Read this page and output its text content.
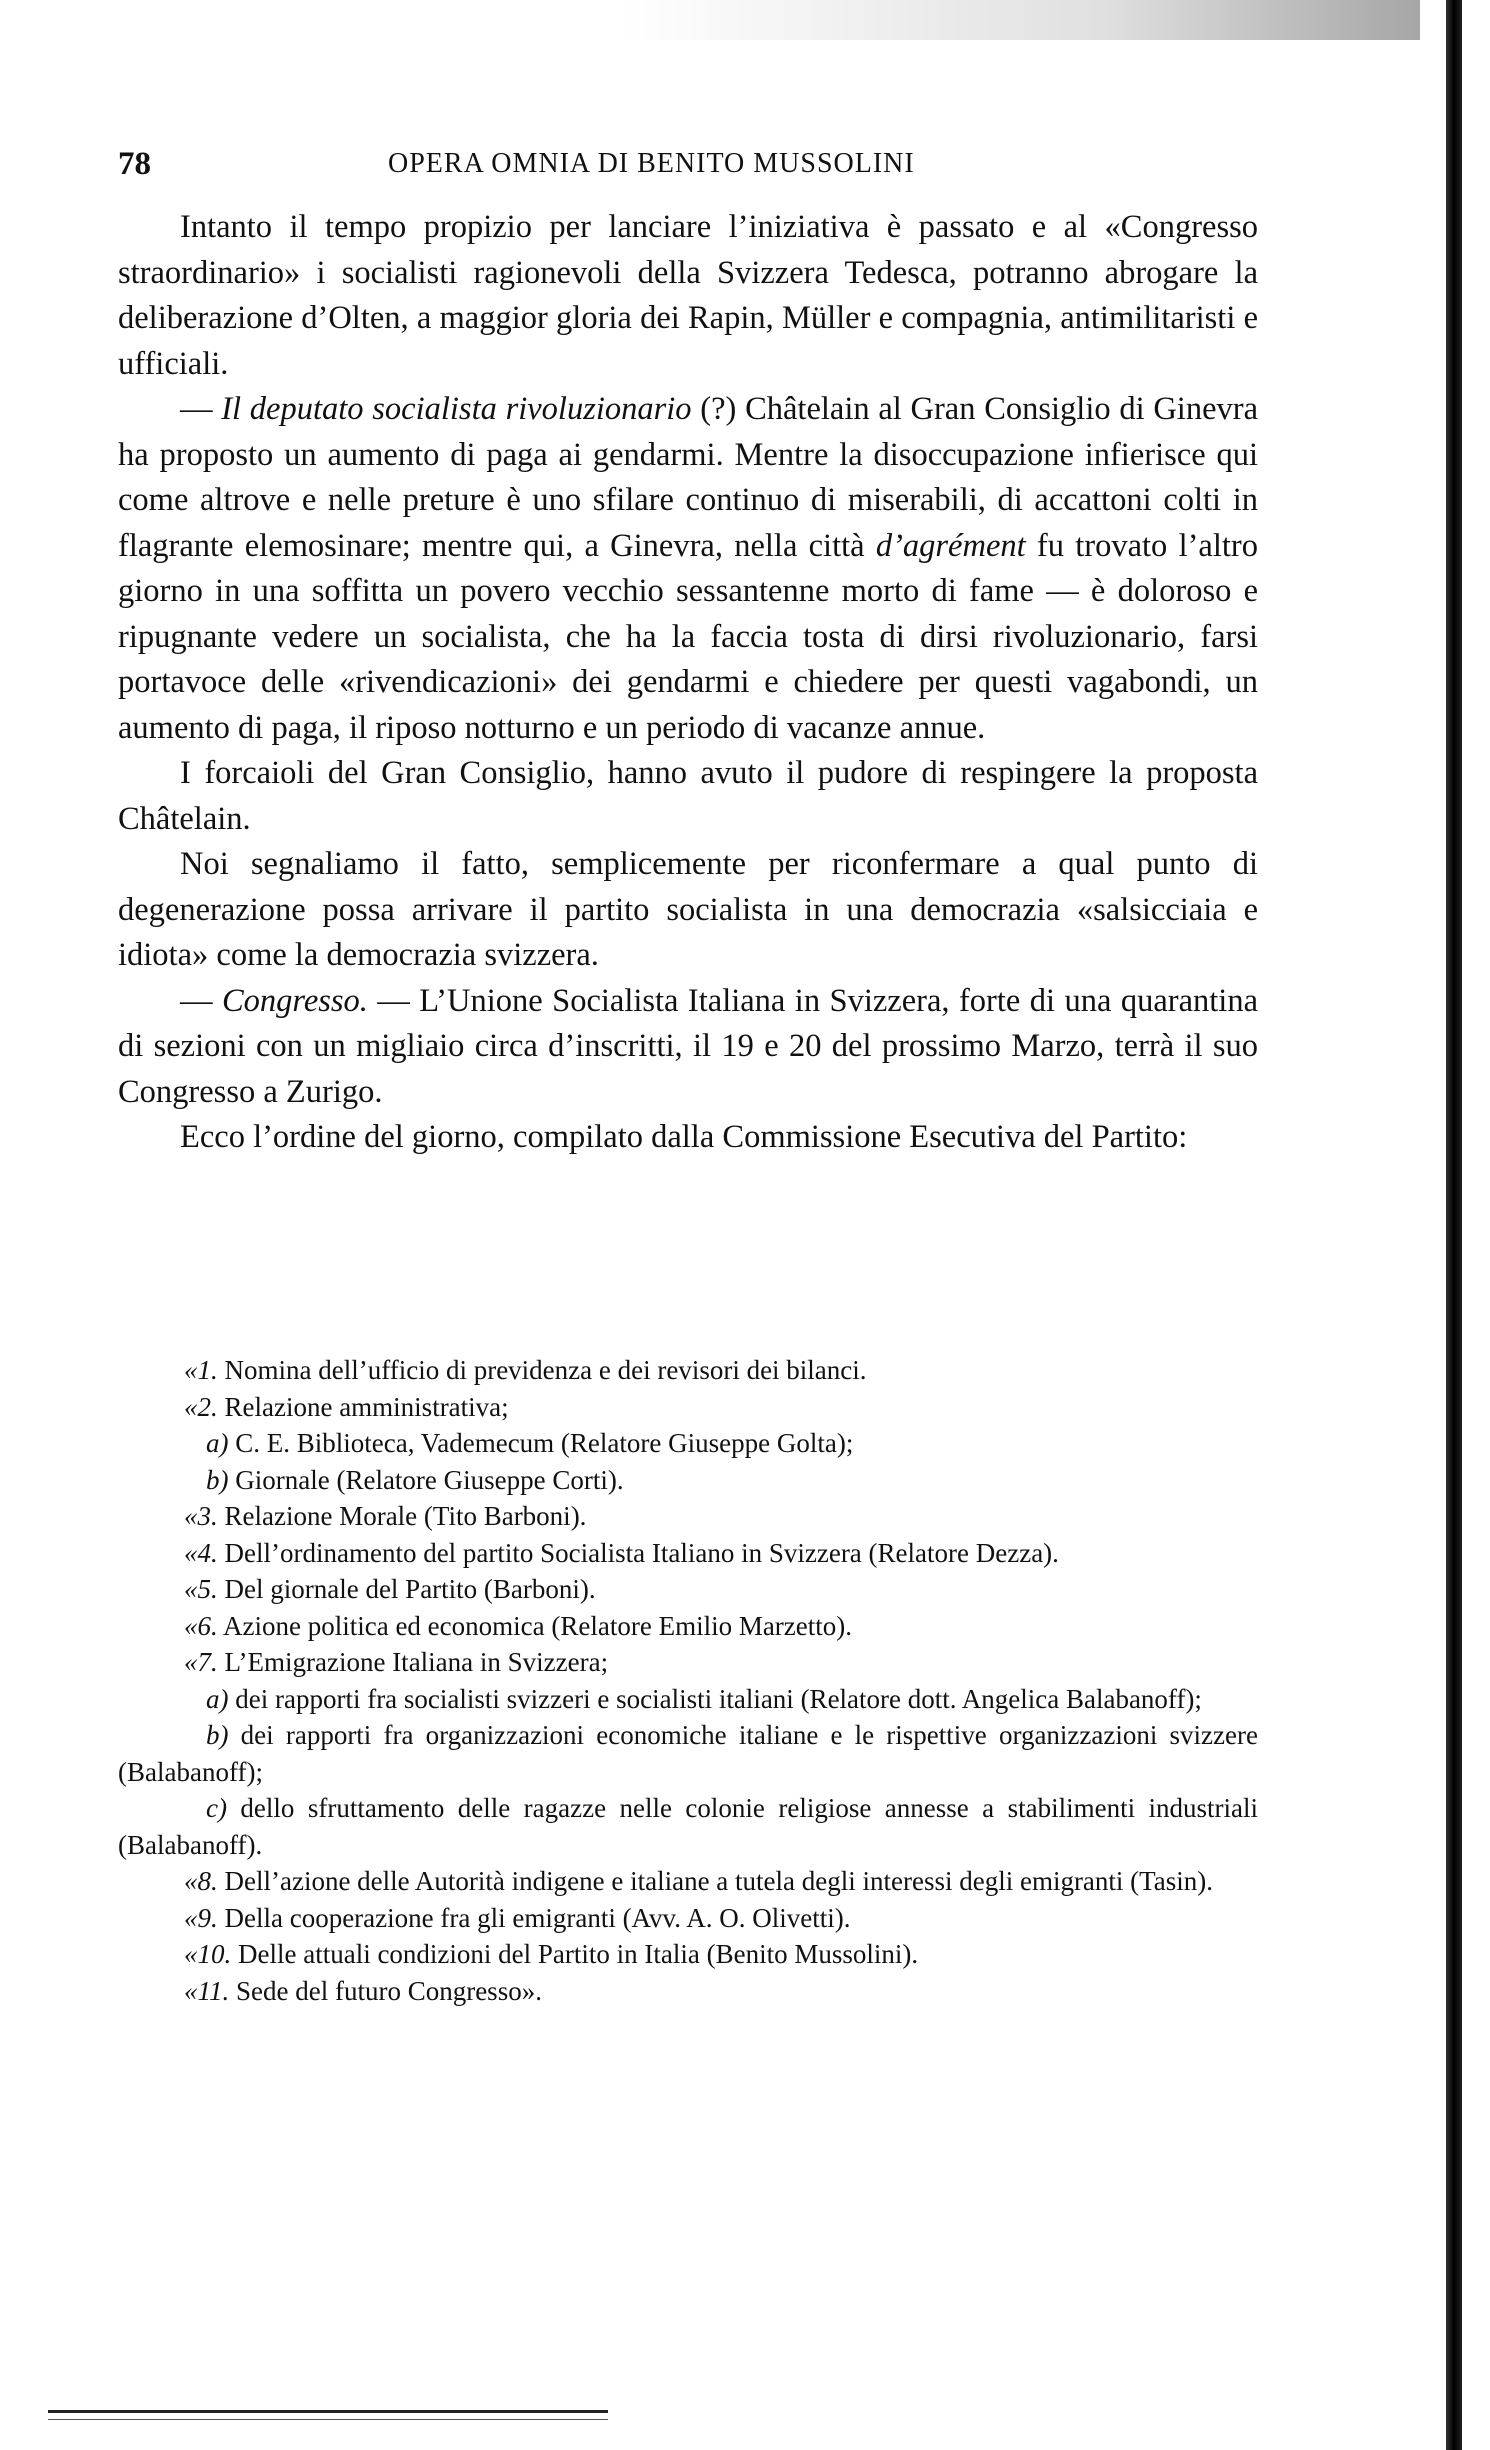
78	OPERA OMNIA DI BENITO MUSSOLINI

Intanto il tempo propizio per lanciare l’iniziativa è passato e al «Congresso straordinario» i socialisti ragionevoli della Svizzera Tedesca, potranno abrogare la deliberazione d’Olten, a maggior gloria dei Rapin, Müller e compagnia, antimilitaristi e ufficiali.

— Il deputato socialista rivoluzionario (?) Châtelain al Gran Consiglio di Ginevra ha proposto un aumento di paga ai gendarmi. Mentre la disoccupazione infierisce qui come altrove e nelle preture è uno sfilare continuo di miserabili, di accattoni colti in flagrante elemosinare; mentre qui, a Ginevra, nella città d’agrément fu trovato l’altro giorno in una soffitta un povero vecchio sessantenne morto di fame — è doloroso e ripugnante vedere un socialista, che ha la faccia tosta di dirsi rivoluzionario, farsi portavoce delle «rivendicazioni» dei gendarmi e chiedere per questi vagabondi, un aumento di paga, il riposo notturno e un periodo di vacanze annue.

I forcaioli del Gran Consiglio, hanno avuto il pudore di respingere la proposta Châtelain.

Noi segnaliamo il fatto, semplicemente per riconfermare a qual punto di degenerazione possa arrivare il partito socialista in una democrazia «salsicciaia e idiota» come la democrazia svizzera.

— Congresso. — L’Unione Socialista Italiana in Svizzera, forte di una quarantina di sezioni con un migliaio circa d’inscritti, il 19 e 20 del prossimo Marzo, terrà il suo Congresso a Zurigo.

Ecco l’ordine del giorno, compilato dalla Commissione Esecutiva del Partito:

«1. Nomina dell’ufficio di previdenza e dei revisori dei bilanci.

«2. Relazione amministrativa;

a) C. E. Biblioteca, Vademecum (Relatore Giuseppe Golta);

b) Giornale (Relatore Giuseppe Corti).

«3. Relazione Morale (Tito Barboni).

«4. Dell’ordinamento del partito Socialista Italiano in Svizzera (Relatore Dezza).

«5. Del giornale del Partito (Barboni).

«6. Azione politica ed economica (Relatore Emilio Marzetto).

«7. L’Emigrazione Italiana in Svizzera;

a) dei rapporti fra socialisti svizzeri e socialisti italiani (Relatore dott. Angelica Balabanoff);

b) dei rapporti fra organizzazioni economiche italiane e le rispettive organizzazioni svizzere (Balabanoff);

c) dello sfruttamento delle ragazze nelle colonie religiose annesse a stabilimenti industriali (Balabanoff).

«8. Dell’azione delle Autorità indigene e italiane a tutela degli interessi degli emigranti (Tasin).

«9. Della cooperazione fra gli emigranti (Avv. A. O. Olivetti).

«10. Delle attuali condizioni del Partito in Italia (Benito Mussolini).

«11. Sede del futuro Congresso».
